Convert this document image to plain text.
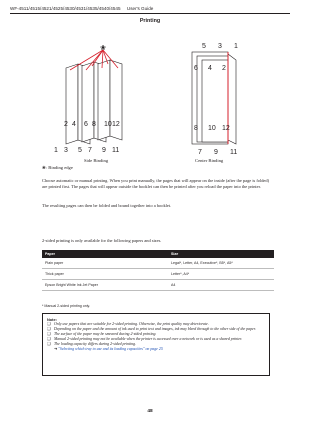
WF-4511/4515/4521/4525/4530/4531/4535/4540/4545 User's Guide
Printing
❀
2 4 6 8 10 12
1 3 5 7 9 11
Side Binding
5 3 1
6 4 2
8 10 12
7 9 11
Center Binding
❀: Binding edge
Choose automatic or manual printing. When you print manually, the pages that will appear on the inside (after the page is folded) are printed first. The pages that will appear outside the booklet can then be printed after you reload the paper into the printer.
The resulting pages can then be folded and bound together into a booklet.
2-sided printing is only available for the following papers and sizes.
Paper	Size
Plain paper	Legal*, Letter, A4, Executive*, B5*, A5*
Thick paper	Letter*, A4*
Epson Bright White Ink Jet Paper	A4
* Manual 2-sided printing only.
Note:
❏ Only use papers that are suitable for 2-sided printing. Otherwise, the print quality may deteriorate.
❏ Depending on the paper and the amount of ink used to print text and images, ink may bleed through to the other side of the paper.
❏ The surface of the paper may be smeared during 2-sided printing.
❏ Manual 2-sided printing may not be available when the printer is accessed over a network or is used as a shared printer.
❏ The loading capacity differs during 2-sided printing.
➜ "Selecting which tray to use and its loading capacities" on page 25
48
